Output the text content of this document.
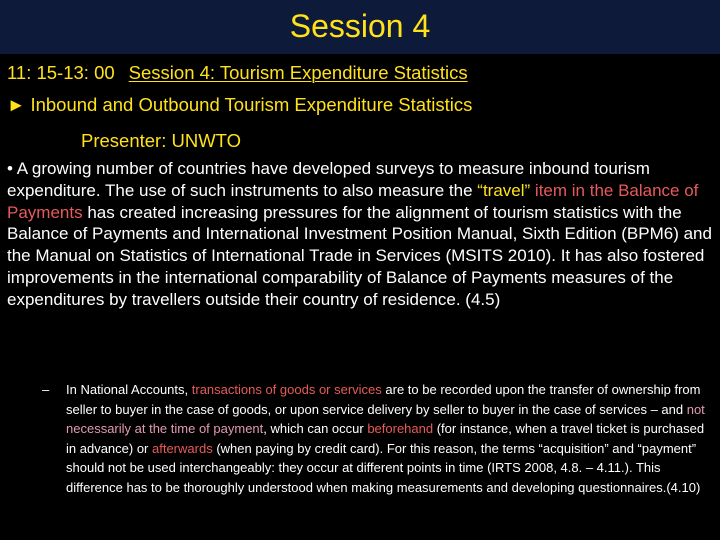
Session 4
11: 15-13: 00 Session 4: Tourism Expenditure Statistics
► Inbound and Outbound Tourism Expenditure Statistics
Presenter: UNWTO
• A growing number of countries have developed surveys to measure inbound tourism expenditure. The use of such instruments to also measure the “travel” item in the Balance of Payments has created increasing pressures for the alignment of tourism statistics with the Balance of Payments and International Investment Position Manual, Sixth Edition (BPM6) and the Manual on Statistics of International Trade in Services (MSITS 2010). It has also fostered improvements in the international comparability of Balance of Payments measures of the expenditures by travellers outside their country of residence. (4.5)
– In National Accounts, transactions of goods or services are to be recorded upon the transfer of ownership from seller to buyer in the case of goods, or upon service delivery by seller to buyer in the case of services – and not necessarily at the time of payment, which can occur beforehand (for instance, when a travel ticket is purchased in advance) or afterwards (when paying by credit card). For this reason, the terms “acquisition” and “payment” should not be used interchangeably: they occur at different points in time (IRTS 2008, 4.8. – 4.11.). This difference has to be thoroughly understood when making measurements and developing questionnaires.(4.10)
